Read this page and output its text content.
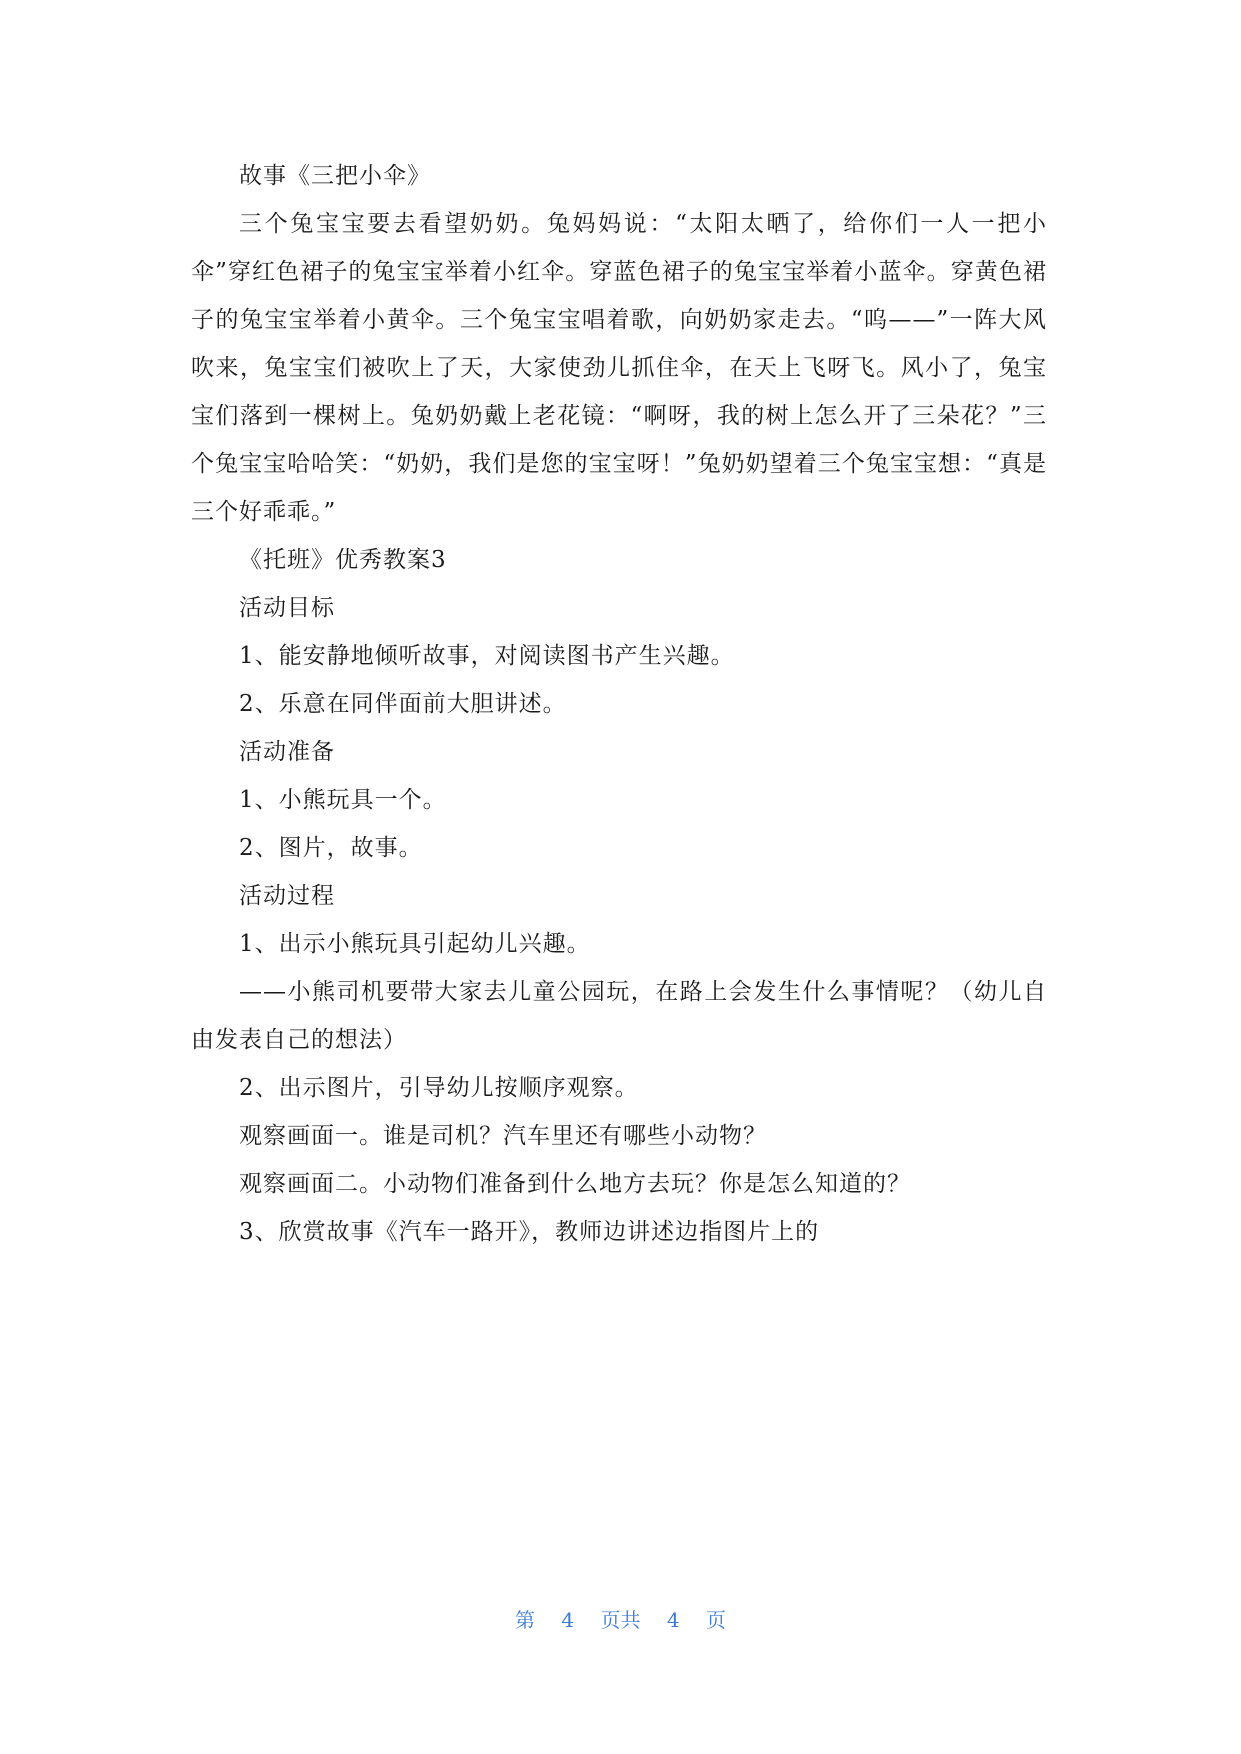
故事《三把小伞》

三个兔宝宝要去看望奶奶。兔妈妈说：“太阳太晒了，给你们一人一把小伞”穿红色裙子的兔宝宝举着小红伞。穿蓝色裙子的兔宝宝举着小蓝伞。穿黄色裙子的兔宝宝举着小黄伞。三个兔宝宝唱着歌，向奶奶家走去。“呜——”一阵大风吹来，兔宝宝们被吹上了天，大家使劲儿抓住伞，在天上飞呀飞。风小了，兔宝宝们落到一棵树上。兔奶奶戴上老花镜：“啊呀，我的树上怎么开了三朵花？”三个兔宝宝哈哈笑：“奶奶，我们是您的宝宝呀！”兔奶奶望着三个兔宝宝想：“真是三个好乖乖。”

《托班》优秀教案3

活动目标

1、能安静地倾听故事，对阅读图书产生兴趣。

2、乐意在同伴面前大胆讲述。

活动准备

1、小熊玩具一个。

2、图片，故事。

活动过程

1、出示小熊玩具引起幼儿兴趣。

——小熊司机要带大家去儿童公园玩，在路上会发生什么事情呢？（幼儿自由发表自己的想法）

2、出示图片，引导幼儿按顺序观察。

观察画面一。谁是司机？汽车里还有哪些小动物？

观察画面二。小动物们准备到什么地方去玩？你是怎么知道的？

3、欣赏故事《汽车一路开》，教师边讲述边指图片上的

第 4 页共 4 页
